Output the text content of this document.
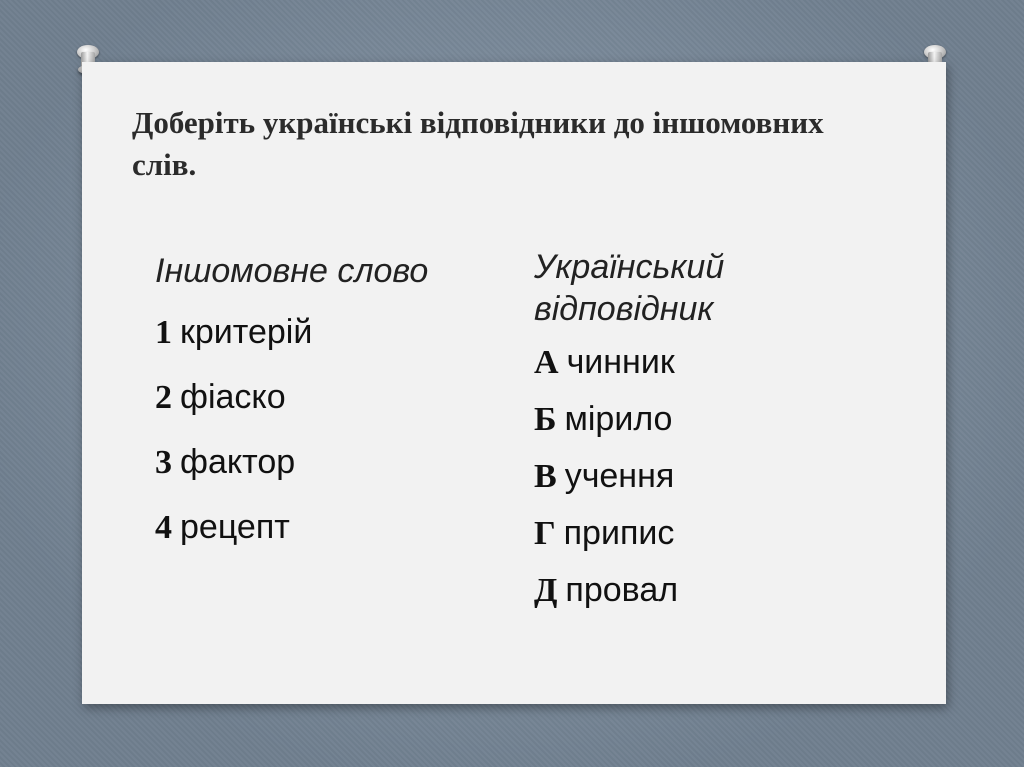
Доберіть українські відповідники до іншомовних слів.
Іншомовне слово
1 критерій
2 фіаско
3 фактор
4 рецепт
Український відповідник
А чинник
Б мірило
В учення
Г припис
Д провал
